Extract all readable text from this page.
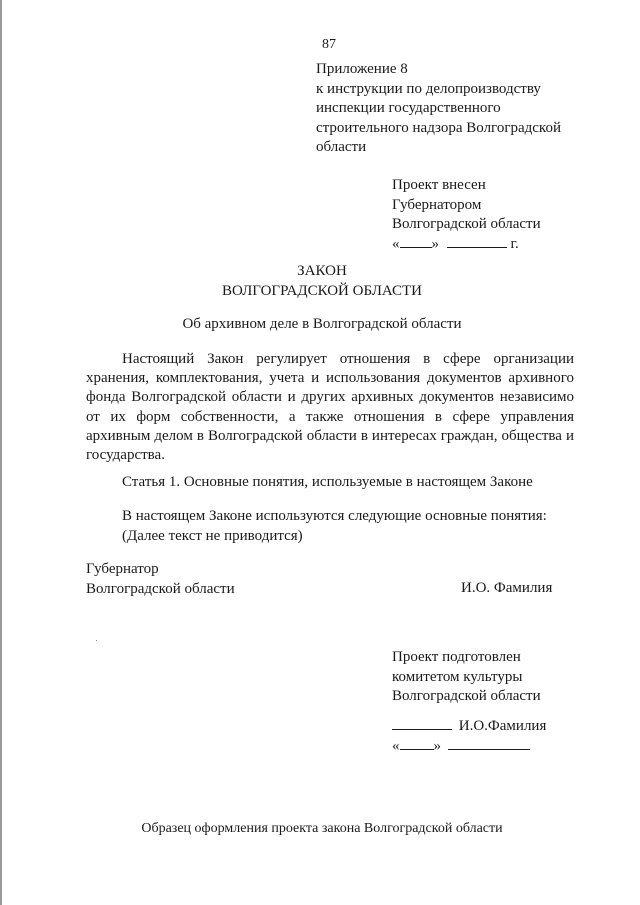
87
Приложение 8
к инструкции по делопроизводству
инспекции государственного
строительного надзора Волгоградской
области
Проект внесен
Губернатором
Волгоградской области
« »	г.
ЗАКОН
ВОЛГОГРАДСКОЙ ОБЛАСТИ
Об архивном деле в Волгоградской области
Настоящий Закон регулирует отношения в сфере организации хранения, комплектования, учета и использования документов архивного фонда Волгоградской области и других архивных документов независимо от их форм собственности, а также отношения в сфере управления архивным делом в Волгоградской области в интересах граждан, общества и государства.
Статья 1. Основные понятия, используемые в настоящем Законе
В настоящем Законе используются следующие основные понятия:
(Далее текст не приводится)
Губернатор
Волгоградской области	И.О. Фамилия
Проект подготовлен
комитетом культуры
Волгоградской области
И.О.Фамилия
« »
Образец оформления проекта закона Волгоградской области
